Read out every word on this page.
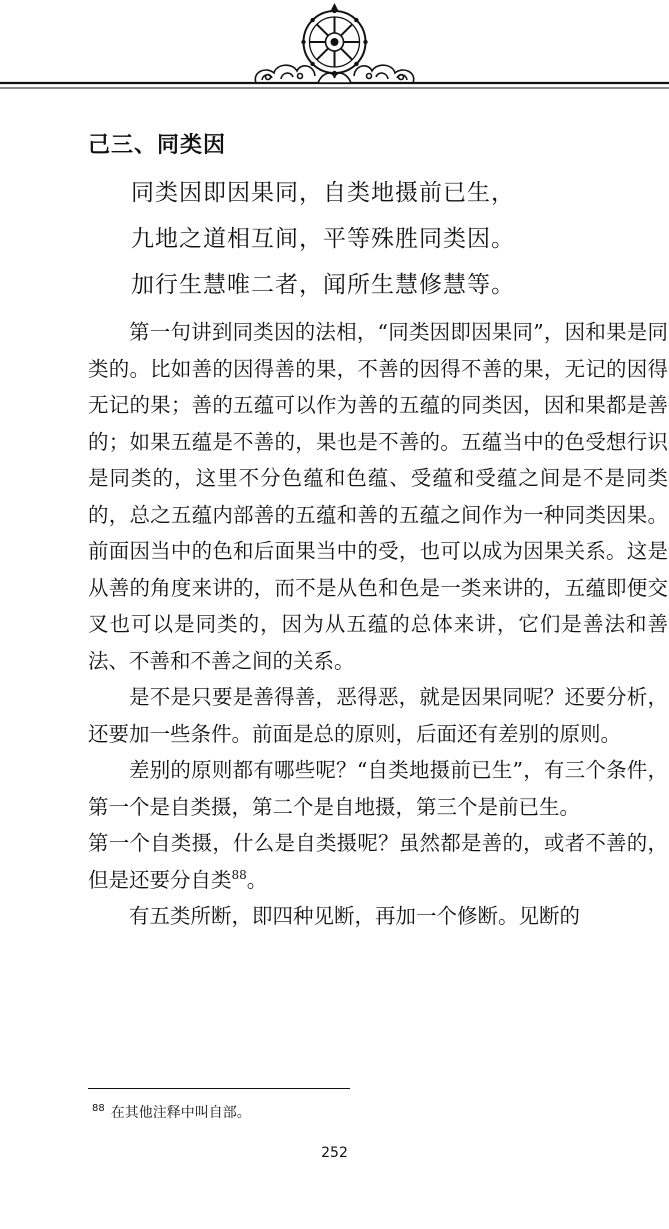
己三、同类因

同类因即因果同，自类地摄前已生，

九地之道相互间，平等殊胜同类因。

加行生慧唯二者，闻所生慧修慧等。

第一句讲到同类因的法相，“同类因即因果同”，因和果是同类的。比如善的因得善的果，不善的因得不善的果，无记的因得无记的果；善的五蕴可以作为善的五蕴的同类因，因和果都是善的；如果五蕴是不善的，果也是不善的。五蕴当中的色受想行识是同类的，这里不分色蕴和色蕴、受蕴和受蕴之间是不是同类的，总之五蕴内部善的五蕴和善的五蕴之间作为一种同类因果。前面因当中的色和后面果当中的受，也可以成为因果关系。这是从善的角度来讲的，而不是从色和色是一类来讲的，五蕴即便交叉也可以是同类的，因为从五蕴的总体来讲，它们是善法和善法、不善和不善之间的关系。

是不是只要是善得善，恶得恶，就是因果同呢？还要分析，还要加一些条件。前面是总的原则，后面还有差别的原则。

差别的原则都有哪些呢？“自类地摄前已生”，有三个条件，第一个是自类摄，第二个是自地摄，第三个是前已生。

第一个自类摄，什么是自类摄呢？虽然都是善的，或者不善的，但是还要分自类$^{88}$。

有五类所断，即四种见断，再加一个修断。见断的

$^{88}$ 在其他注释中叫自部。
252
